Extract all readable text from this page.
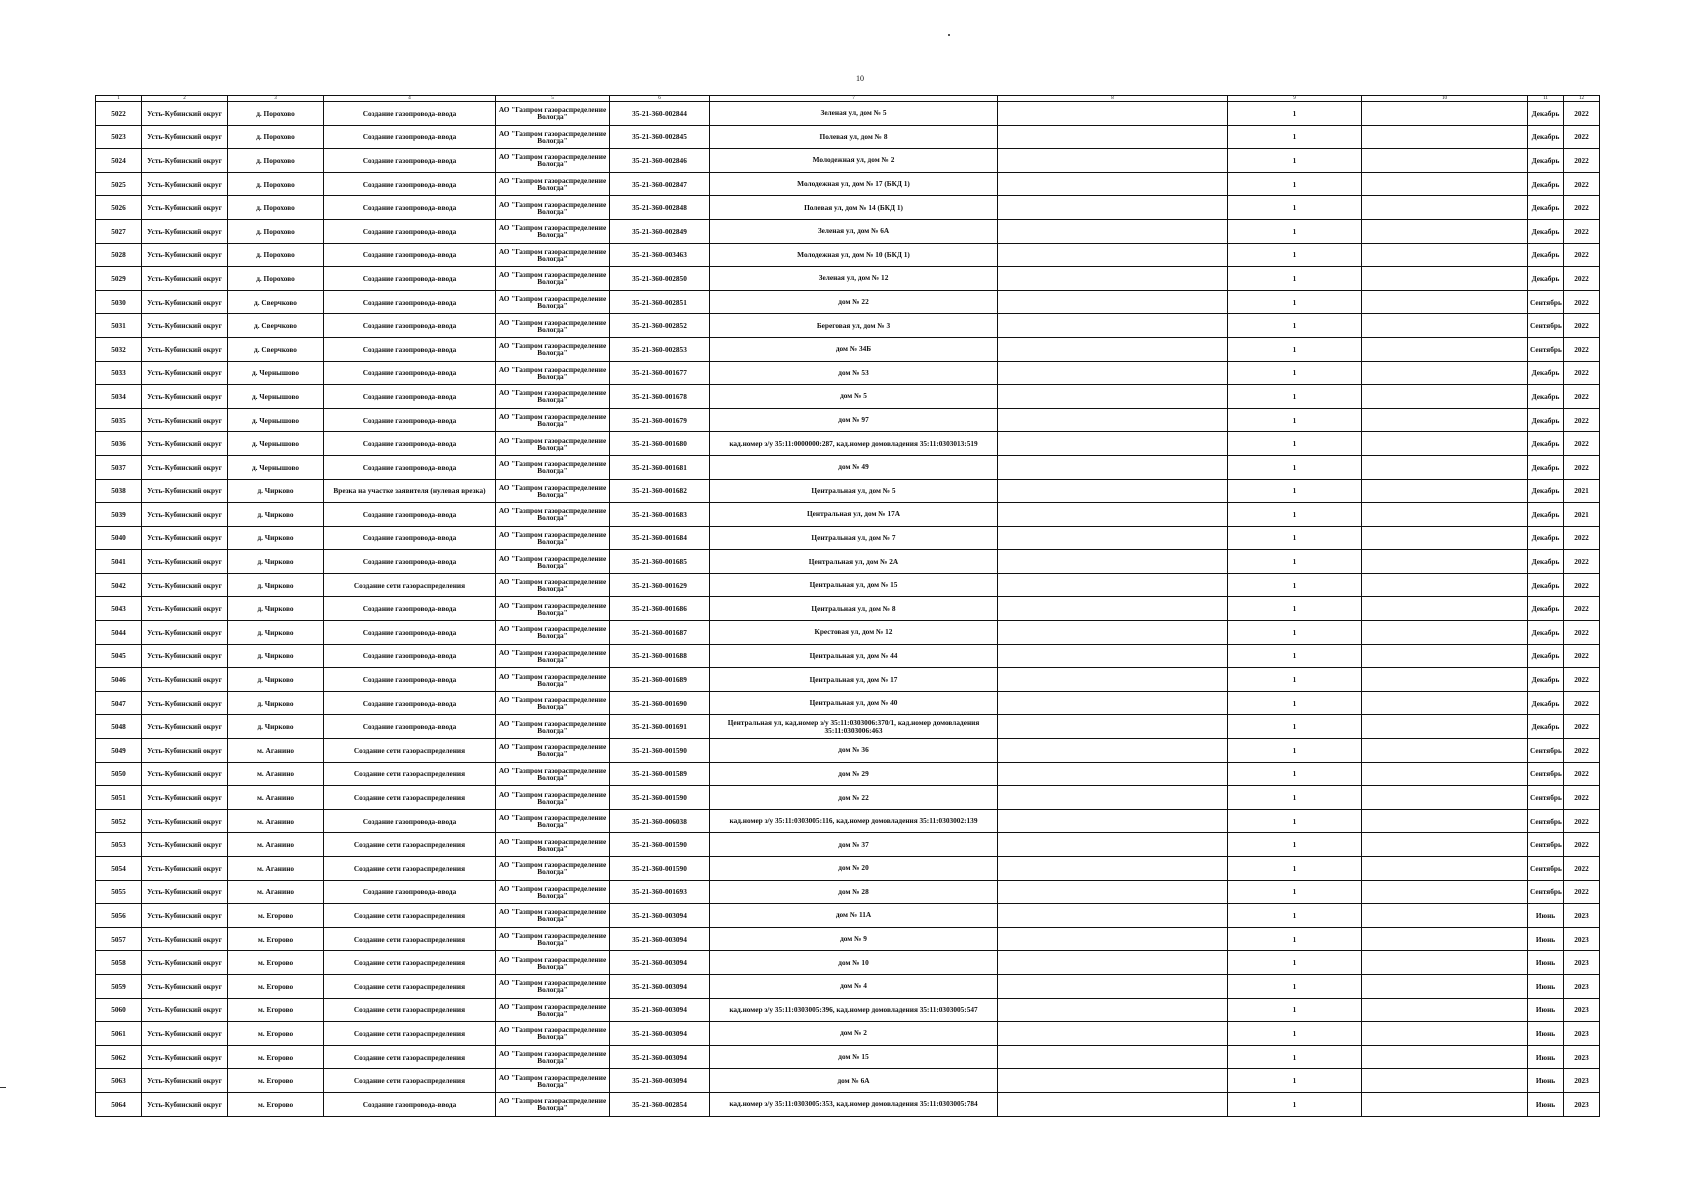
10
1	2	3	4	5	6	7	8	9	10	11	12
5022	Усть-Кубинский округ	д. Порохово	Создание газопровода-ввода	АО "Газпром газораспределение Вологда"	35-21-360-002844	Зеленая ул, дом № 5		1		Декабрь	2022
5023	Усть-Кубинский округ	д. Порохово	Создание газопровода-ввода	АО "Газпром газораспределение Вологда"	35-21-360-002845	Полевая ул, дом № 8		1		Декабрь	2022
5024	Усть-Кубинский округ	д. Порохово	Создание газопровода-ввода	АО "Газпром газораспределение Вологда"	35-21-360-002846	Молодежная ул, дом № 2		1		Декабрь	2022
5025	Усть-Кубинский округ	д. Порохово	Создание газопровода-ввода	АО "Газпром газораспределение Вологда"	35-21-360-002847	Молодежная ул, дом № 17 (БКД 1)		1		Декабрь	2022
5026	Усть-Кубинский округ	д. Порохово	Создание газопровода-ввода	АО "Газпром газораспределение Вологда"	35-21-360-002848	Полевая ул, дом № 14 (БКД 1)		1		Декабрь	2022
5027	Усть-Кубинский округ	д. Порохово	Создание газопровода-ввода	АО "Газпром газораспределение Вологда"	35-21-360-002849	Зеленая ул, дом № 6А		1		Декабрь	2022
5028	Усть-Кубинский округ	д. Порохово	Создание газопровода-ввода	АО "Газпром газораспределение Вологда"	35-21-360-003463	Молодежная ул, дом № 10 (БКД 1)		1		Декабрь	2022
5029	Усть-Кубинский округ	д. Порохово	Создание газопровода-ввода	АО "Газпром газораспределение Вологда"	35-21-360-002850	Зеленая ул, дом № 12		1		Декабрь	2022
5030	Усть-Кубинский округ	д. Сверчково	Создание газопровода-ввода	АО "Газпром газораспределение Вологда"	35-21-360-002851	дом № 22		1		Сентябрь	2022
5031	Усть-Кубинский округ	д. Сверчково	Создание газопровода-ввода	АО "Газпром газораспределение Вологда"	35-21-360-002852	Береговая ул, дом № 3		1		Сентябрь	2022
5032	Усть-Кубинский округ	д. Сверчково	Создание газопровода-ввода	АО "Газпром газораспределение Вологда"	35-21-360-002853	дом № 34Б		1		Сентябрь	2022
5033	Усть-Кубинский округ	д. Чернышово	Создание газопровода-ввода	АО "Газпром газораспределение Вологда"	35-21-360-001677	дом № 53		1		Декабрь	2022
5034	Усть-Кубинский округ	д. Чернышово	Создание газопровода-ввода	АО "Газпром газораспределение Вологда"	35-21-360-001678	дом № 5		1		Декабрь	2022
5035	Усть-Кубинский округ	д. Чернышово	Создание газопровода-ввода	АО "Газпром газораспределение Вологда"	35-21-360-001679	дом № 97		1		Декабрь	2022
5036	Усть-Кубинский округ	д. Чернышово	Создание газопровода-ввода	АО "Газпром газораспределение Вологда"	35-21-360-001680	кад.номер з/у 35:11:0000000:287, кад.номер домовладения 35:11:0303013:519		1		Декабрь	2022
5037	Усть-Кубинский округ	д. Чернышово	Создание газопровода-ввода	АО "Газпром газораспределение Вологда"	35-21-360-001681	дом № 49		1		Декабрь	2022
5038	Усть-Кубинский округ	д. Чирково	Врезка на участке заявителя (нулевая врезка)	АО "Газпром газораспределение Вологда"	35-21-360-001682	Центральная ул, дом № 5		1		Декабрь	2021
5039	Усть-Кубинский округ	д. Чирково	Создание газопровода-ввода	АО "Газпром газораспределение Вологда"	35-21-360-001683	Центральная ул, дом № 17А		1		Декабрь	2021
5040	Усть-Кубинский округ	д. Чирково	Создание газопровода-ввода	АО "Газпром газораспределение Вологда"	35-21-360-001684	Центральная ул, дом № 7		1		Декабрь	2022
5041	Усть-Кубинский округ	д. Чирково	Создание газопровода-ввода	АО "Газпром газораспределение Вологда"	35-21-360-001685	Центральная ул, дом № 2А		1		Декабрь	2022
5042	Усть-Кубинский округ	д. Чирково	Создание сети газораспределения	АО "Газпром газораспределение Вологда"	35-21-360-001629	Центральная ул, дом № 15		1		Декабрь	2022
5043	Усть-Кубинский округ	д. Чирково	Создание газопровода-ввода	АО "Газпром газораспределение Вологда"	35-21-360-001686	Центральная ул, дом № 8		1		Декабрь	2022
5044	Усть-Кубинский округ	д. Чирково	Создание газопровода-ввода	АО "Газпром газораспределение Вологда"	35-21-360-001687	Крестовая ул, дом № 12		1		Декабрь	2022
5045	Усть-Кубинский округ	д. Чирково	Создание газопровода-ввода	АО "Газпром газораспределение Вологда"	35-21-360-001688	Центральная ул, дом № 44		1		Декабрь	2022
5046	Усть-Кубинский округ	д. Чирково	Создание газопровода-ввода	АО "Газпром газораспределение Вологда"	35-21-360-001689	Центральная ул, дом № 17		1		Декабрь	2022
5047	Усть-Кубинский округ	д. Чирково	Создание газопровода-ввода	АО "Газпром газораспределение Вологда"	35-21-360-001690	Центральная ул, дом № 40		1		Декабрь	2022
5048	Усть-Кубинский округ	д. Чирково	Создание газопровода-ввода	АО "Газпром газораспределение Вологда"	35-21-360-001691	Центральная ул, кад.номер з/у 35:11:0303006:370/1, кад.номер домовладения 35:11:0303006:463		1		Декабрь	2022
5049	Усть-Кубинский округ	м. Аганино	Создание сети газораспределения	АО "Газпром газораспределение Вологда"	35-21-360-001590	дом № 36		1		Сентябрь	2022
5050	Усть-Кубинский округ	м. Аганино	Создание сети газораспределения	АО "Газпром газораспределение Вологда"	35-21-360-001589	дом № 29		1		Сентябрь	2022
5051	Усть-Кубинский округ	м. Аганино	Создание сети газораспределения	АО "Газпром газораспределение Вологда"	35-21-360-001590	дом № 22		1		Сентябрь	2022
5052	Усть-Кубинский округ	м. Аганино	Создание газопровода-ввода	АО "Газпром газораспределение Вологда"	35-21-360-006038	кад.номер з/у 35:11:0303005:116, кад.номер домовладения 35:11:0303002:139		1		Сентябрь	2022
5053	Усть-Кубинский округ	м. Аганино	Создание сети газораспределения	АО "Газпром газораспределение Вологда"	35-21-360-001590	дом № 37		1		Сентябрь	2022
5054	Усть-Кубинский округ	м. Аганино	Создание сети газораспределения	АО "Газпром газораспределение Вологда"	35-21-360-001590	дом № 20		1		Сентябрь	2022
5055	Усть-Кубинский округ	м. Аганино	Создание газопровода-ввода	АО "Газпром газораспределение Вологда"	35-21-360-001693	дом № 28		1		Сентябрь	2022
5056	Усть-Кубинский округ	м. Егорово	Создание сети газораспределения	АО "Газпром газораспределение Вологда"	35-21-360-003094	дом № 11А		1		Июнь	2023
5057	Усть-Кубинский округ	м. Егорово	Создание сети газораспределения	АО "Газпром газораспределение Вологда"	35-21-360-003094	дом № 9		1		Июнь	2023
5058	Усть-Кубинский округ	м. Егорово	Создание сети газораспределения	АО "Газпром газораспределение Вологда"	35-21-360-003094	дом № 10		1		Июнь	2023
5059	Усть-Кубинский округ	м. Егорово	Создание сети газораспределения	АО "Газпром газораспределение Вологда"	35-21-360-003094	дом № 4		1		Июнь	2023
5060	Усть-Кубинский округ	м. Егорово	Создание сети газораспределения	АО "Газпром газораспределение Вологда"	35-21-360-003094	кад.номер з/у 35:11:0303005:396, кад.номер домовладения 35:11:0303005:547		1		Июнь	2023
5061	Усть-Кубинский округ	м. Егорово	Создание сети газораспределения	АО "Газпром газораспределение Вологда"	35-21-360-003094	дом № 2		1		Июнь	2023
5062	Усть-Кубинский округ	м. Егорово	Создание сети газораспределения	АО "Газпром газораспределение Вологда"	35-21-360-003094	дом № 15		1		Июнь	2023
5063	Усть-Кубинский округ	м. Егорово	Создание сети газораспределения	АО "Газпром газораспределение Вологда"	35-21-360-003094	дом № 6А		1		Июнь	2023
5064	Усть-Кубинский округ	м. Егорово	Создание газопровода-ввода	АО "Газпром газораспределение Вологда"	35-21-360-002854	кад.номер з/у 35:11:0303005:353, кад.номер домовладения 35:11:0303005:784		1		Июнь	2023
